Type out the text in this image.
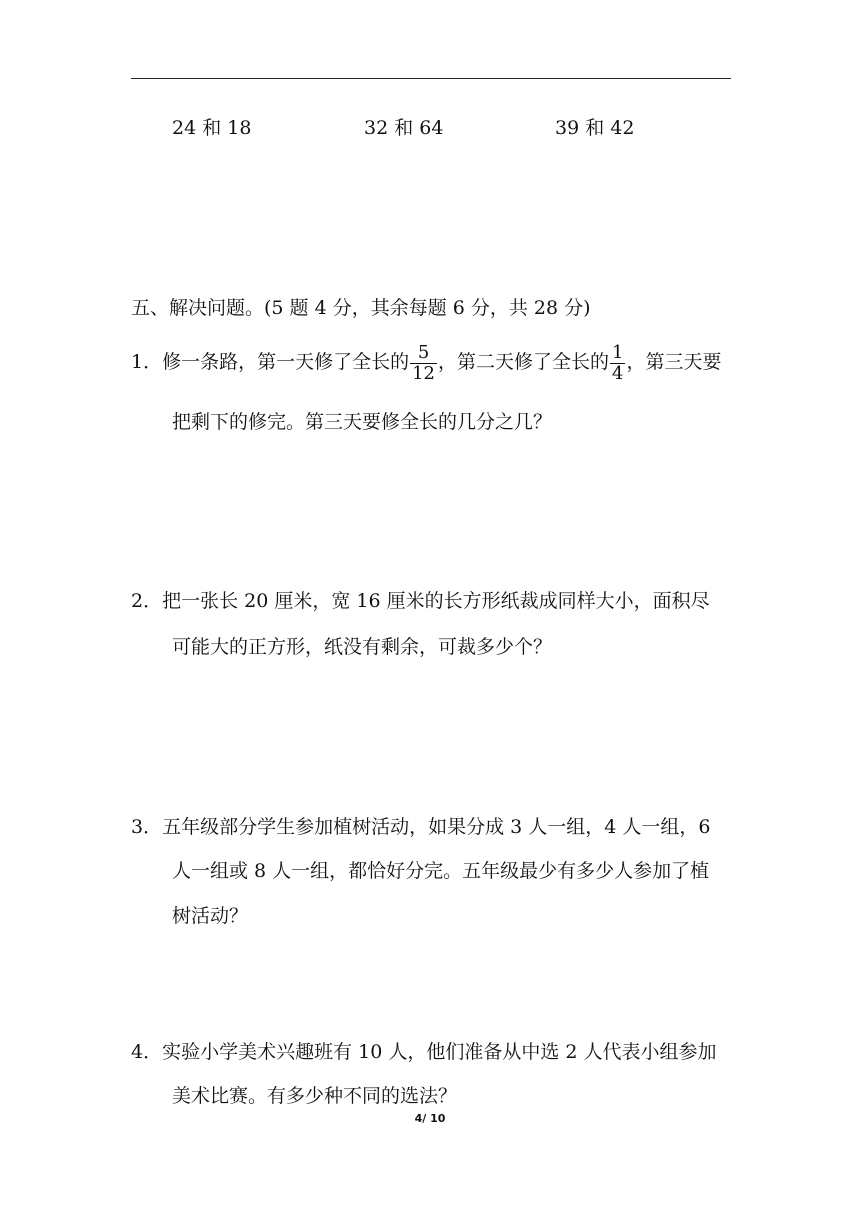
24 和 18	32 和 64	39 和 42
五、解决问题。(5 题 4 分，其余每题 6 分，共 28 分)
1．修一条路，第一天修了全长的 $\frac{5}{12}$ ，第二天修了全长的 $\frac{1}{4}$ ，第三天要
把剩下的修完。第三天要修全长的几分之几？
2．把一张长 20 厘米，宽 16 厘米的长方形纸裁成同样大小，面积尽
可能大的正方形，纸没有剩余，可裁多少个？
3．五年级部分学生参加植树活动，如果分成 3 人一组，4 人一组，6
人一组或 8 人一组，都恰好分完。五年级最少有多少人参加了植
树活动？
4．实验小学美术兴趣班有 10 人，他们准备从中选 2 人代表小组参加
美术比赛。有多少种不同的选法？
4/ 10
